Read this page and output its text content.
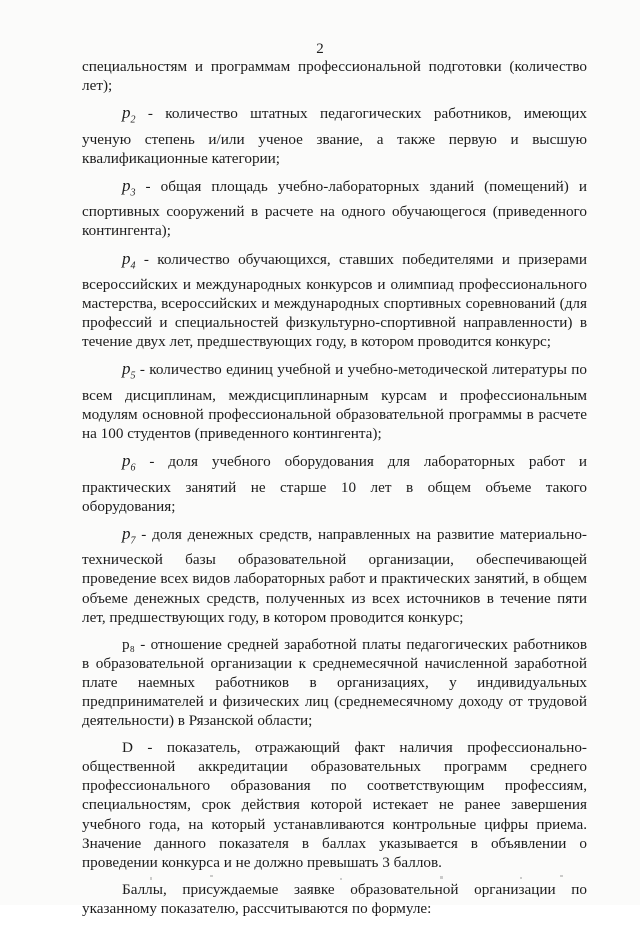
2

специальностям и программам профессиональной подготовки (количество лет);

$p_2$ - количество штатных педагогических работников, имеющих ученую степень и/или ученое звание, а также первую и высшую квалификационные категории;

$p_3$ - общая площадь учебно-лабораторных зданий (помещений) и спортивных сооружений в расчете на одного обучающегося (приведенного контингента);

$p_4$ - количество обучающихся, ставших победителями и призерами всероссийских и международных конкурсов и олимпиад профессионального мастерства, всероссийских и международных спортивных соревнований (для профессий и специальностей физкультурно-спортивной направленности) в течение двух лет, предшествующих году, в котором проводится конкурс;

$p_5$ - количество единиц учебной и учебно-методической литературы по всем дисциплинам, междисциплинарным курсам и профессиональным модулям основной профессиональной образовательной программы в расчете на 100 студентов (приведенного контингента);

$p_6$ - доля учебного оборудования для лабораторных работ и практических занятий не старше 10 лет в общем объеме такого оборудования;

$p_7$ - доля денежных средств, направленных на развитие материально-технической базы образовательной организации, обеспечивающей проведение всех видов лабораторных работ и практических занятий, в общем объеме денежных средств, полученных из всех источников в течение пяти лет, предшествующих году, в котором проводится конкурс;

p₈ - отношение средней заработной платы педагогических работников в образовательной организации к среднемесячной начисленной заработной плате наемных работников в организациях, у индивидуальных предпринимателей и физических лиц (среднемесячному доходу от трудовой деятельности) в Рязанской области;

D - показатель, отражающий факт наличия профессионально-общественной аккредитации образовательных программ среднего профессионального образования по соответствующим профессиям, специальностям, срок действия которой истекает не ранее завершения учебного года, на который устанавливаются контрольные цифры приема. Значение данного показателя в баллах указывается в объявлении о проведении конкурса и не должно превышать 3 баллов.

Баллы, присуждаемые заявке образовательной организации по указанному показателю, рассчитываются по формуле:
